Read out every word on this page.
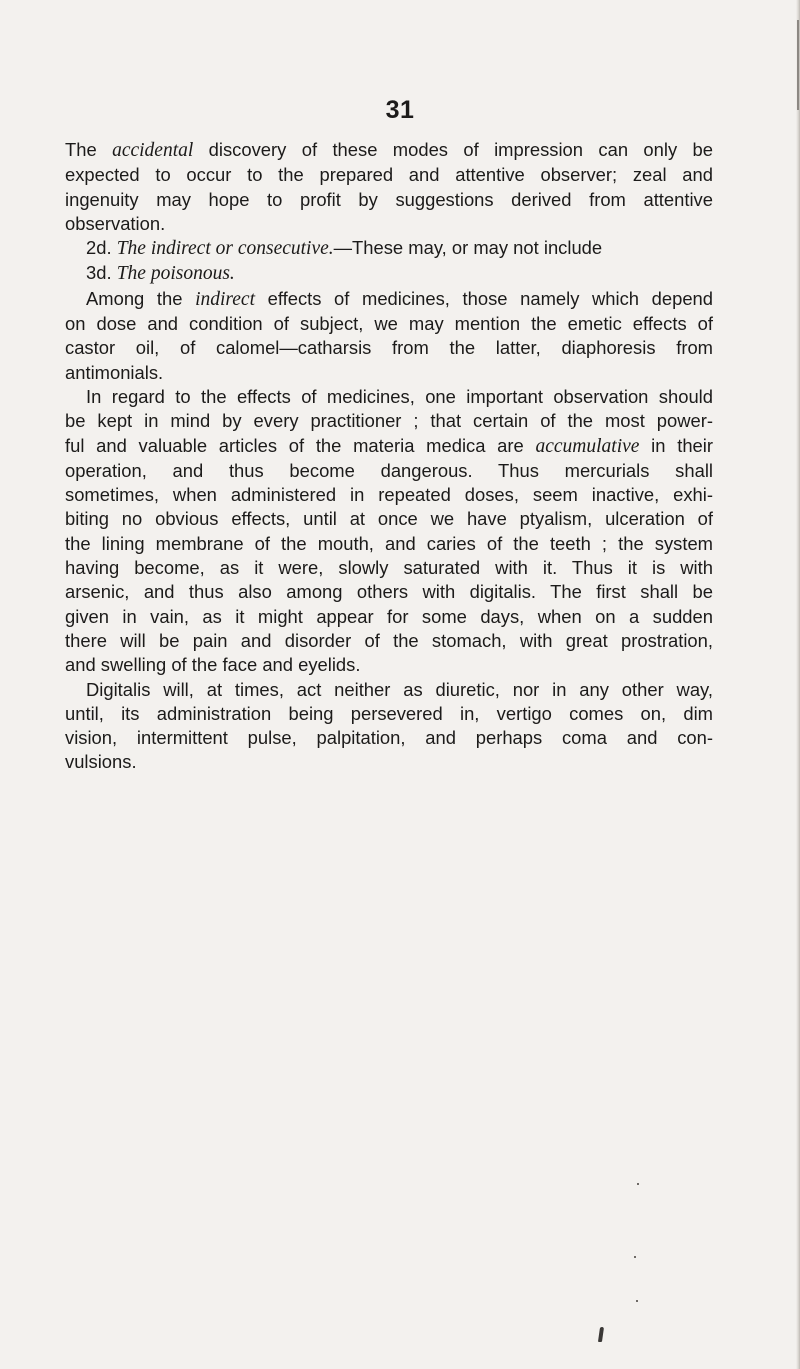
31
The accidental discovery of these modes of impression can only be
expected to occur to the prepared and attentive observer; zeal and
ingenuity may hope to profit by suggestions derived from attentive
observation.
2d. The indirect or consecutive.—These may, or may not include
3d. The poisonous.
Among the indirect effects of medicines, those namely which depend
on dose and condition of subject, we may mention the emetic effects of
castor oil, of calomel—catharsis from the latter, diaphoresis from
antimonials.
In regard to the effects of medicines, one important observation should
be kept in mind by every practitioner ; that certain of the most power-
ful and valuable articles of the materia medica are accumulative in their
operation, and thus become dangerous. Thus mercurials shall
sometimes, when administered in repeated doses, seem inactive, exhi-
biting no obvious effects, until at once we have ptyalism, ulceration of
the lining membrane of the mouth, and caries of the teeth ; the system
having become, as it were, slowly saturated with it. Thus it is with
arsenic, and thus also among others with digitalis. The first shall be
given in vain, as it might appear for some days, when on a sudden
there will be pain and disorder of the stomach, with great prostration,
and swelling of the face and eyelids.
Digitalis will, at times, act neither as diuretic, nor in any other way,
until, its administration being persevered in, vertigo comes on, dim
vision, intermittent pulse, palpitation, and perhaps coma and con-
vulsions.
